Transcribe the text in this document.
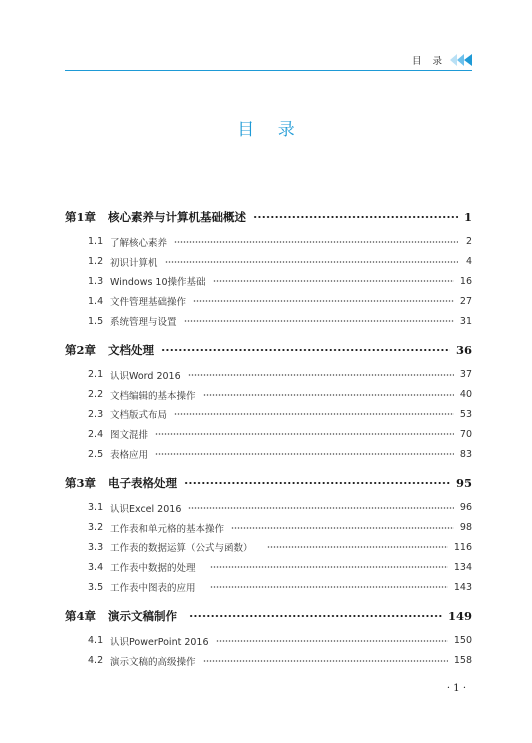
目 录
目 录
第1章	核心素养与计算机基础概述	1
1.1 了解核心素养	2
1.2 初识计算机	4
1.3 Windows 10操作基础	16
1.4 文件管理基础操作	27
1.5 系统管理与设置	31
第2章	文档处理	36
2.1 认识Word 2016	37
2.2 文档编辑的基本操作	40
2.3 文档版式布局	53
2.4 图文混排	70
2.5 表格应用	83
第3章	电子表格处理	95
3.1 认识Excel 2016	96
3.2 工作表和单元格的基本操作	98
3.3 工作表的数据运算（公式与函数）	116
3.4 工作表中数据的处理	134
3.5 工作表中图表的应用	143
第4章	演示文稿制作	149
4.1 认识PowerPoint 2016	150
4.2 演示文稿的高级操作	158
· 1 ·
